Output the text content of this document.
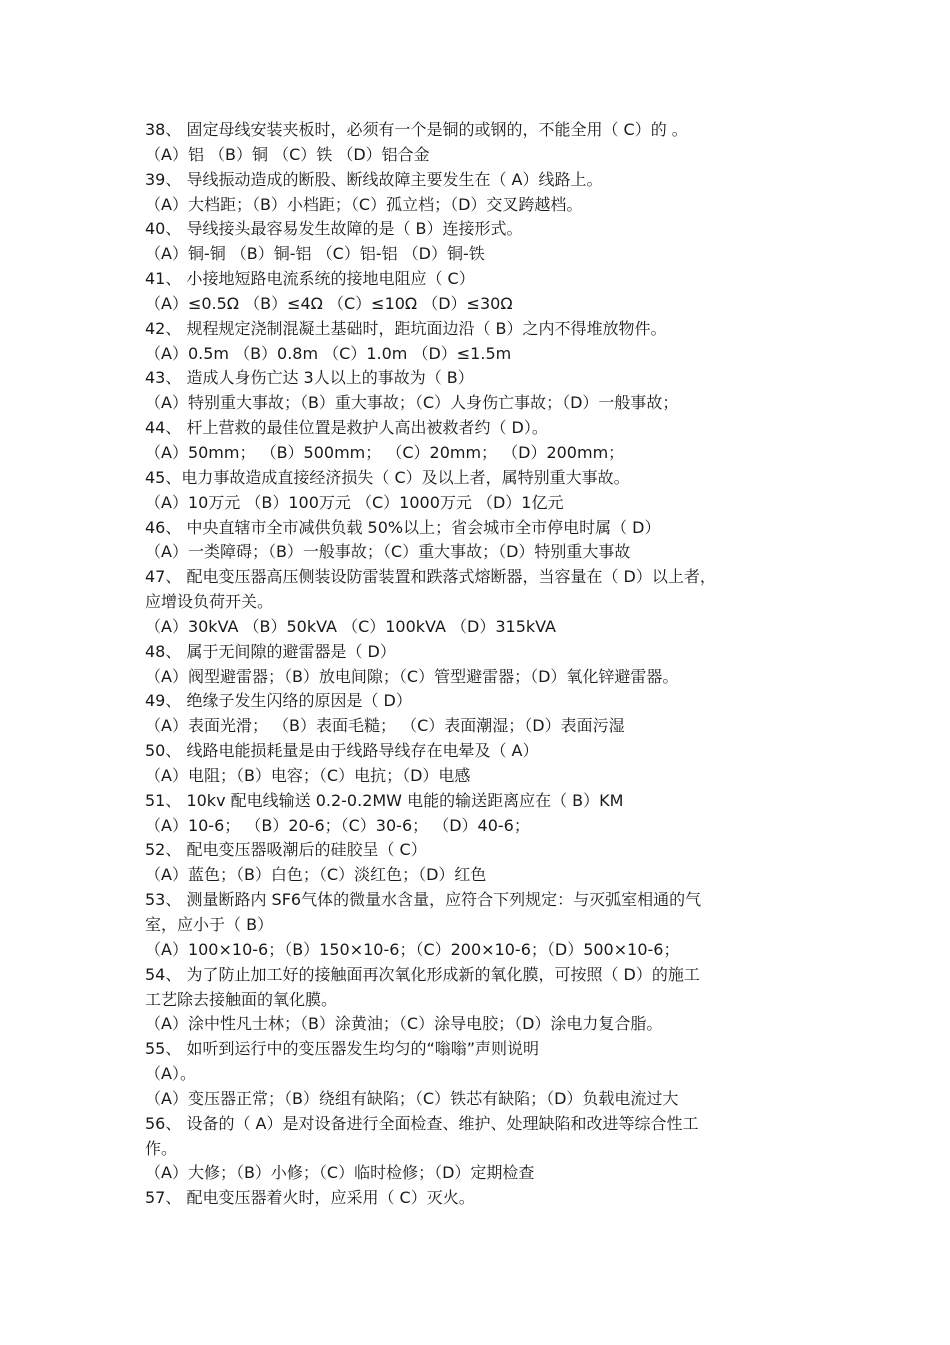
38、 固定母线安装夹板时，必须有一个是铜的或钢的，不能全用（ C）的 。
（A）铝 （B）铜 （C）铁 （D）铝合金
39、 导线振动造成的断股、断线故障主要发生在（ A）线路上。
（A）大档距；（B）小档距；（C）孤立档；（D）交叉跨越档。
40、 导线接头最容易发生故障的是（ B）连接形式。
（A）铜-铜 （B）铜-铝 （C）铝-铝 （D）铜-铁
41、 小接地短路电流系统的接地电阻应（ C）
（A）≤0.5Ω （B）≤4Ω （C）≤10Ω （D）≤30Ω
42、 规程规定浇制混凝土基础时，距坑面边沿（ B）之内不得堆放物件。
（A）0.5m （B）0.8m （C）1.0m （D）≤1.5m
43、 造成人身伤亡达 3人以上的事故为（ B）
（A）特别重大事故；（B）重大事故；（C）人身伤亡事故；（D）一般事故；
44、 杆上营救的最佳位置是救护人高出被救者约（ D）。
（A）50mm； （B）500mm； （C）20mm； （D）200mm；
45、电力事故造成直接经济损失（ C）及以上者，属特别重大事故。
（A）10万元 （B）100万元 （C）1000万元 （D）1亿元
46、 中央直辖市全市减供负载 50%以上；省会城市全市停电时属（ D）
（A）一类障碍；（B）一般事故；（C）重大事故；（D）特别重大事故
47、 配电变压器高压侧装设防雷装置和跌落式熔断器，当容量在（ D）以上者，
应增设负荷开关。
（A）30kVA （B）50kVA （C）100kVA （D）315kVA
48、 属于无间隙的避雷器是（ D）
（A）阀型避雷器；（B）放电间隙；（C）管型避雷器；（D）氧化锌避雷器。
49、 绝缘子发生闪络的原因是（ D）
（A）表面光滑； （B）表面毛糙； （C）表面潮湿；（D）表面污湿
50、 线路电能损耗量是由于线路导线存在电晕及（ A）
（A）电阻；（B）电容；（C）电抗；（D）电感
51、 10kv 配电线输送 0.2-0.2MW 电能的输送距离应在（ B）KM
（A）10-6； （B）20-6；（C）30-6； （D）40-6；
52、 配电变压器吸潮后的硅胶呈（ C）
（A）蓝色；（B）白色；（C）淡红色；（D）红色
53、 测量断路内 SF6气体的微量水含量，应符合下列规定：与灭弧室相通的气
室，应小于（ B）
（A）100×10-6；（B）150×10-6；（C）200×10-6；（D）500×10-6；
54、 为了防止加工好的接触面再次氧化形成新的氧化膜，可按照（ D）的施工
工艺除去接触面的氧化膜。
（A）涂中性凡士林；（B）涂黄油；（C）涂导电胶；（D）涂电力复合脂。
55、 如听到运行中的变压器发生均匀的“嗡嗡”声则说明
（A）。
（A）变压器正常；（B）绕组有缺陷；（C）铁芯有缺陷；（D）负载电流过大
56、 设备的（ A）是对设备进行全面检查、维护、处理缺陷和改进等综合性工
作。
（A）大修；（B）小修；（C）临时检修；（D）定期检查
57、 配电变压器着火时，应采用（ C）灭火。
